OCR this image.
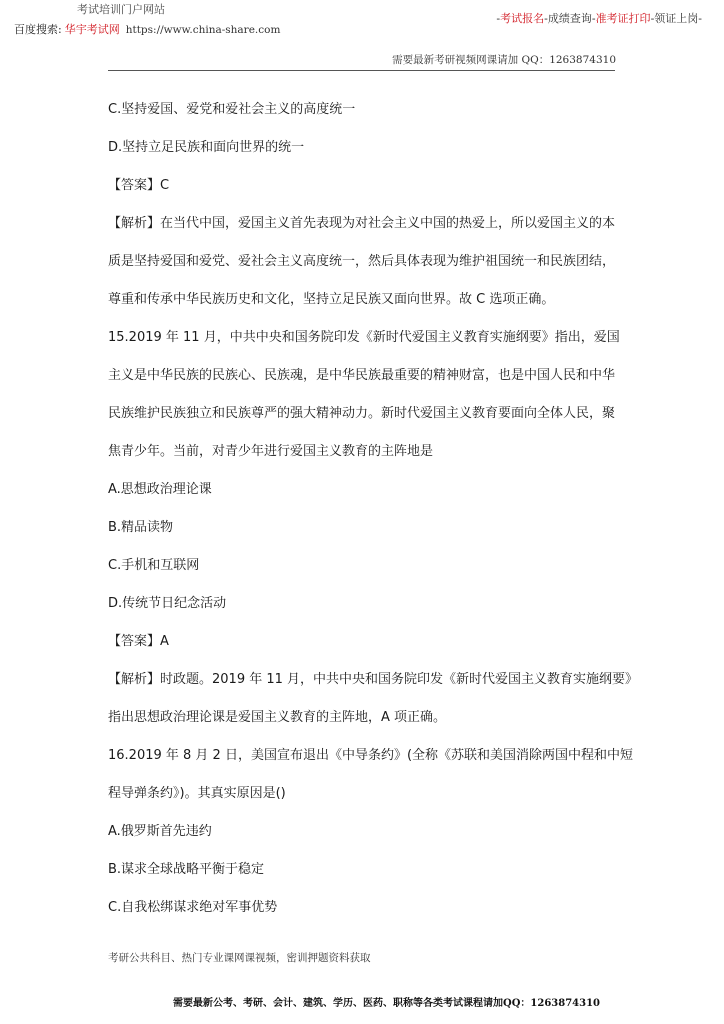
考试培训门户网站
百度搜索: 华宇考试网 https://www.china-share.com
-考试报名-成绩查询-准考证打印-领证上岗-
需要最新考研视频网课请加 QQ：1263874310
C.坚持爱国、爱党和爱社会主义的高度统一
D.坚持立足民族和面向世界的统一
【答案】C
【解析】在当代中国，爱国主义首先表现为对社会主义中国的热爱上，所以爱国主义的本
质是坚持爱国和爱党、爱社会主义高度统一，然后具体表现为维护祖国统一和民族团结，
尊重和传承中华民族历史和文化，坚持立足民族又面向世界。故 C 选项正确。
15.2019 年 11 月，中共中央和国务院印发《新时代爱国主义教育实施纲要》指出，爱国
主义是中华民族的民族心、民族魂，是中华民族最重要的精神财富，也是中国人民和中华
民族维护民族独立和民族尊严的强大精神动力。新时代爱国主义教育要面向全体人民，聚
焦青少年。当前，对青少年进行爱国主义教育的主阵地是
A.思想政治理论课
B.精品读物
C.手机和互联网
D.传统节日纪念活动
【答案】A
【解析】时政题。2019 年 11 月，中共中央和国务院印发《新时代爱国主义教育实施纲要》
指出思想政治理论课是爱国主义教育的主阵地，A 项正确。
16.2019 年 8 月 2 日，美国宣布退出《中导条约》(全称《苏联和美国消除两国中程和中短
程导弹条约》)。其真实原因是()
A.俄罗斯首先违约
B.谋求全球战略平衡于稳定
C.自我松绑谋求绝对军事优势
考研公共科目、热门专业课网课视频，密训押题资料获取
需要最新公考、考研、会计、建筑、学历、医药、职称等各类考试课程请加QQ：1263874310
